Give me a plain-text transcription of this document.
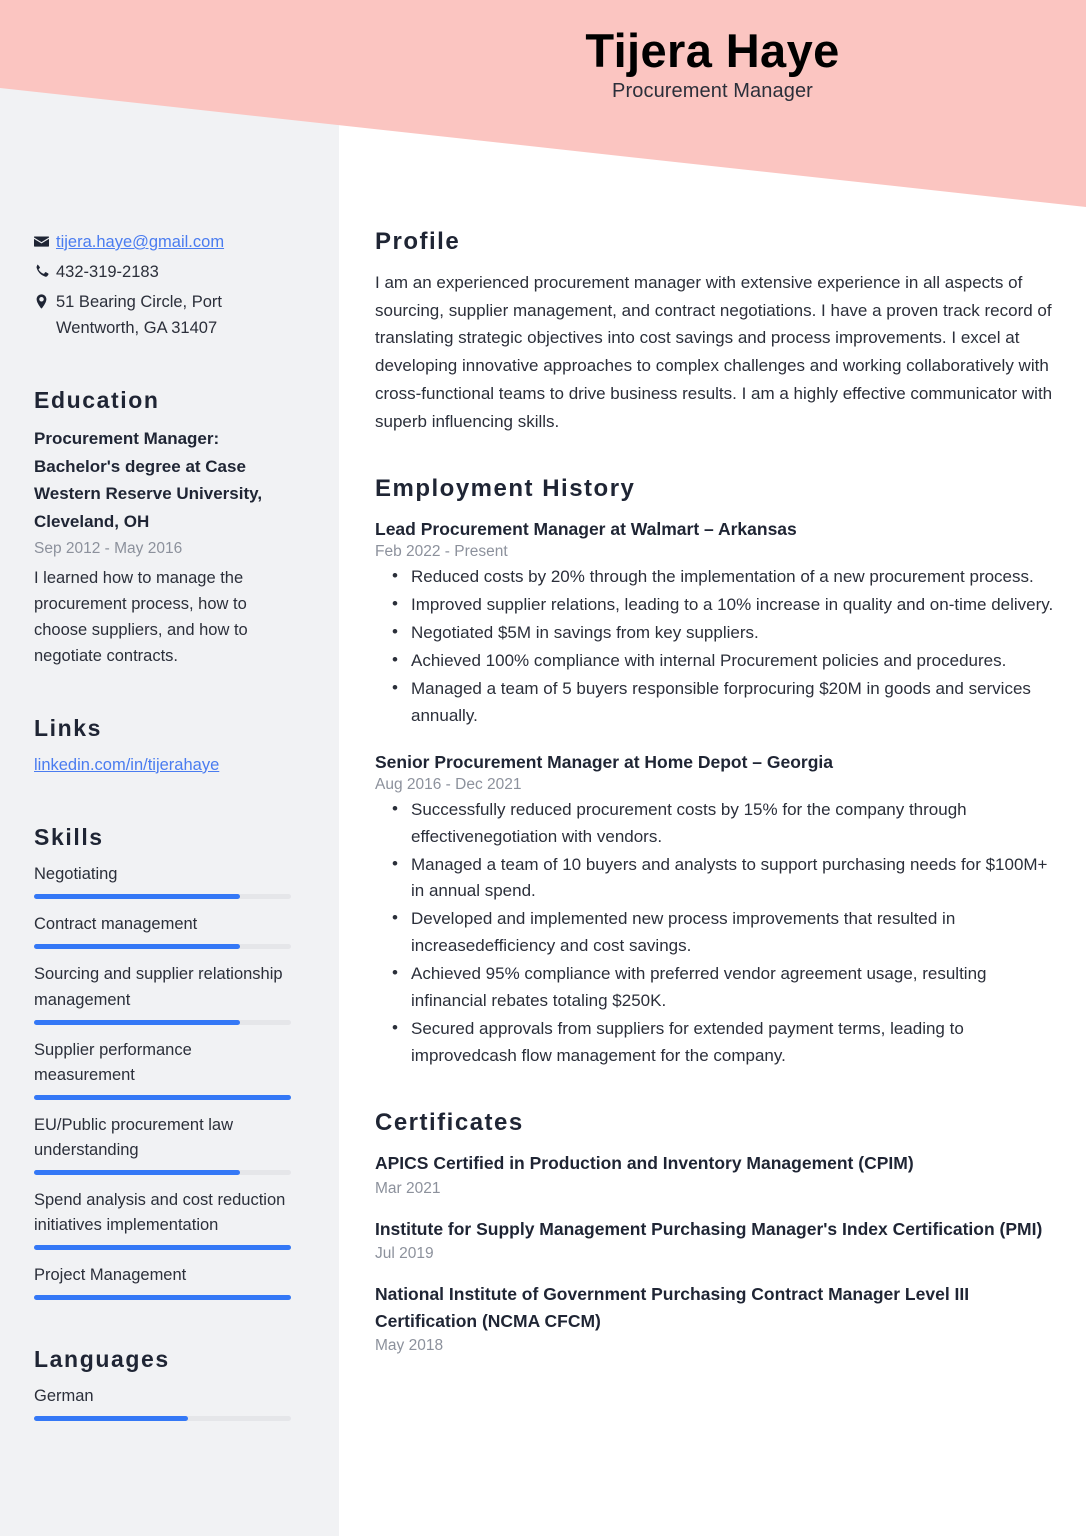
Tijera Haye
Procurement Manager
tijera.haye@gmail.com
432-319-2183
51 Bearing Circle, Port Wentworth, GA 31407
Education
Procurement Manager: Bachelor's degree at Case Western Reserve University, Cleveland, OH
Sep 2012 - May 2016
I learned how to manage the procurement process, how to choose suppliers, and how to negotiate contracts.
Links
linkedin.com/in/tijerahaye
Skills
Negotiating
Contract management
Sourcing and supplier relationship management
Supplier performance measurement
EU/Public procurement law understanding
Spend analysis and cost reduction initiatives implementation
Project Management
Languages
German
Profile
I am an experienced procurement manager with extensive experience in all aspects of sourcing, supplier management, and contract negotiations. I have a proven track record of translating strategic objectives into cost savings and process improvements. I excel at developing innovative approaches to complex challenges and working collaboratively with cross-functional teams to drive business results. I am a highly effective communicator with superb influencing skills.
Employment History
Lead Procurement Manager at Walmart – Arkansas
Feb 2022 - Present
• Reduced costs by 20% through the implementation of a new procurement process.
• Improved supplier relations, leading to a 10% increase in quality and on-time delivery.
• Negotiated $5M in savings from key suppliers.
• Achieved 100% compliance with internal Procurement policies and procedures.
• Managed a team of 5 buyers responsible forprocuring $20M in goods and services annually.
Senior Procurement Manager at Home Depot – Georgia
Aug 2016 - Dec 2021
• Successfully reduced procurement costs by 15% for the company through effectivenegotiation with vendors.
• Managed a team of 10 buyers and analysts to support purchasing needs for $100M+ in annual spend.
• Developed and implemented new process improvements that resulted in increasedefficiency and cost savings.
• Achieved 95% compliance with preferred vendor agreement usage, resulting infinancial rebates totaling $250K.
• Secured approvals from suppliers for extended payment terms, leading to improvedcash flow management for the company.
Certificates
APICS Certified in Production and Inventory Management (CPIM)
Mar 2021
Institute for Supply Management Purchasing Manager's Index Certification (PMI)
Jul 2019
National Institute of Government Purchasing Contract Manager Level III Certification (NCMA CFCM)
May 2018
